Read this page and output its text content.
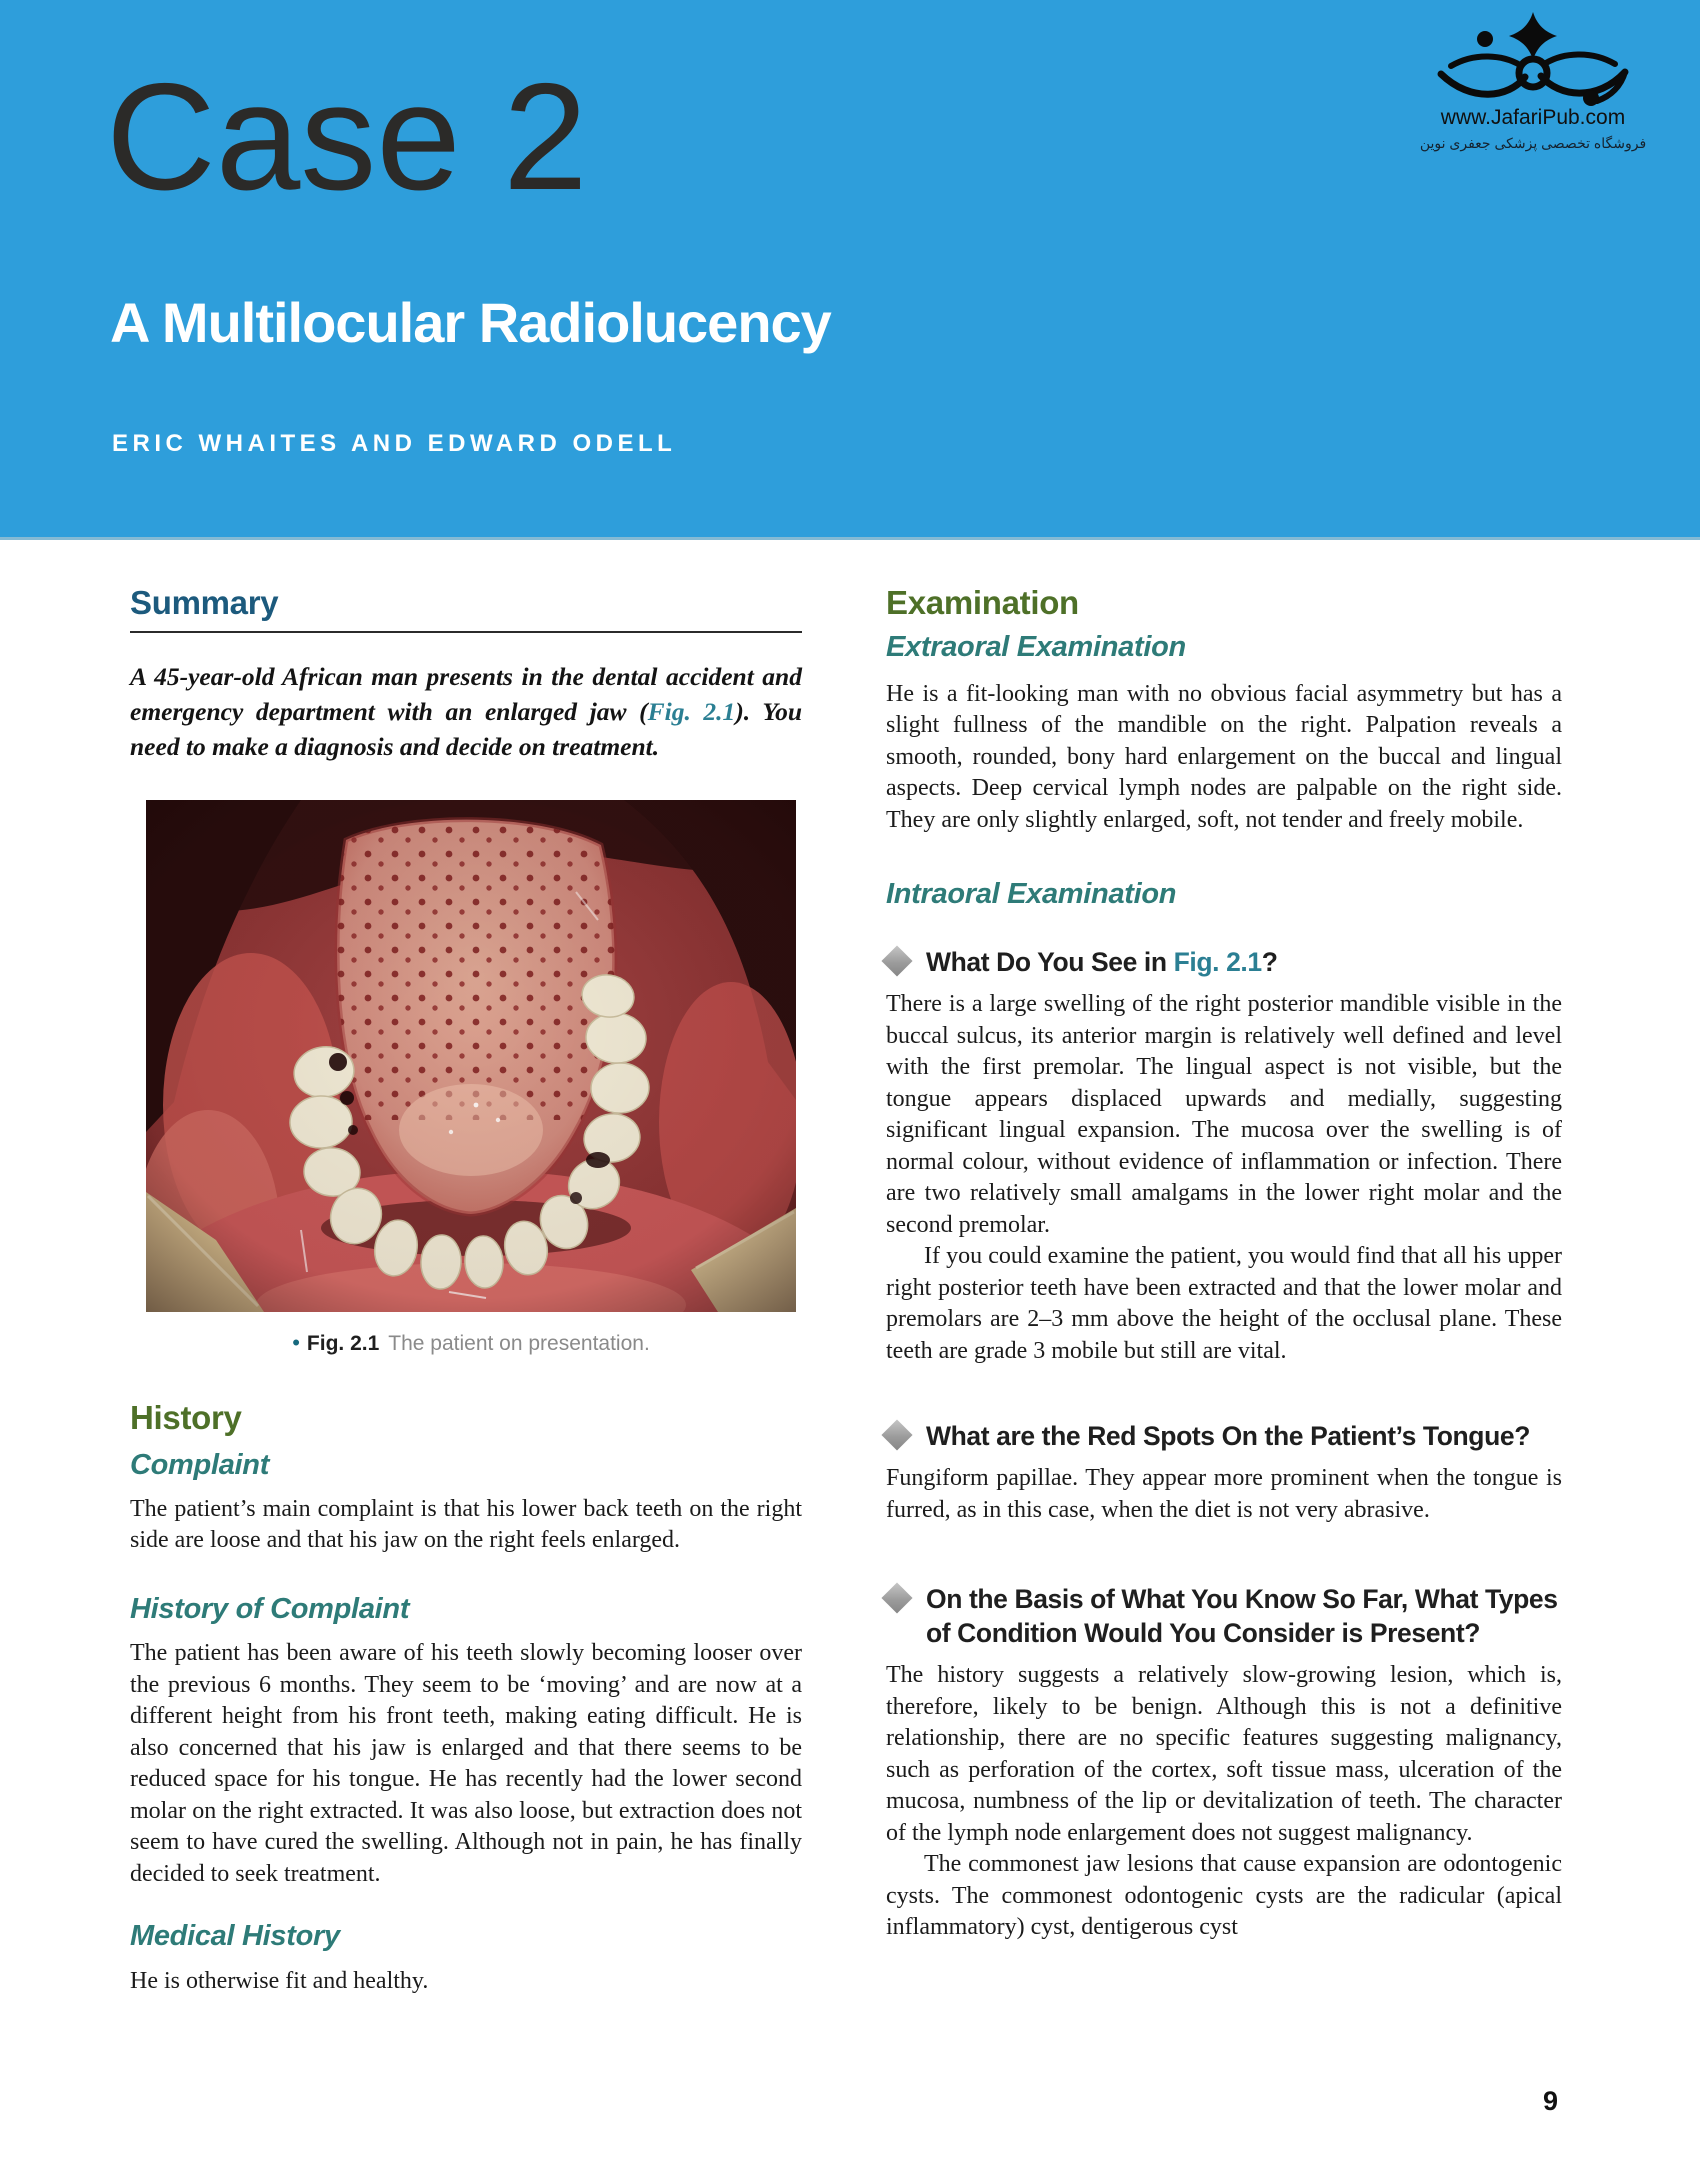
Case 2
A Multilocular Radiolucency
ERIC WHAITES AND EDWARD ODELL
www.JafariPub.com
فروشگاه تخصصی پزشکی جعفری نوین
Summary

A 45-year-old African man presents in the dental accident and emergency department with an enlarged jaw (Fig. 2.1). You need to make a diagnosis and decide on treatment.

• Fig. 2.1 The patient on presentation.
History
Complaint

The patient’s main complaint is that his lower back teeth on the right side are loose and that his jaw on the right feels enlarged.

History of Complaint

The patient has been aware of his teeth slowly becoming looser over the previous 6 months. They seem to be ‘moving’ and are now at a different height from his front teeth, making eating difficult. He is also concerned that his jaw is enlarged and that there seems to be reduced space for his tongue. He has recently had the lower second molar on the right extracted. It was also loose, but extraction does not seem to have cured the swelling. Although not in pain, he has finally decided to seek treatment.

Medical History

He is otherwise fit and healthy.

Examination
Extraoral Examination

He is a fit-looking man with no obvious facial asymmetry but has a slight fullness of the mandible on the right. Palpation reveals a smooth, rounded, bony hard enlargement on the buccal and lingual aspects. Deep cervical lymph nodes are palpable on the right side. They are only slightly enlarged, soft, not tender and freely mobile.

Intraoral Examination
What Do You See in Fig. 2.1?

There is a large swelling of the right posterior mandible visible in the buccal sulcus, its anterior margin is relatively well defined and level with the first premolar. The lingual aspect is not visible, but the tongue appears displaced upwards and medially, suggesting significant lingual expansion. The mucosa over the swelling is of normal colour, without evidence of inflammation or infection. There are two relatively small amalgams in the lower right molar and the second premolar.

If you could examine the patient, you would find that all his upper right posterior teeth have been extracted and that the lower molar and premolars are 2–3 mm above the height of the occlusal plane. These teeth are grade 3 mobile but still are vital.

What are the Red Spots On the Patient’s Tongue?

Fungiform papillae. They appear more prominent when the tongue is furred, as in this case, when the diet is not very abrasive.

On the Basis of What You Know So Far, What Types of Condition Would You Consider is Present?

The history suggests a relatively slow-growing lesion, which is, therefore, likely to be benign. Although this is not a definitive relationship, there are no specific features suggesting malignancy, such as perforation of the cortex, soft tissue mass, ulceration of the mucosa, numbness of the lip or devitalization of teeth. The character of the lymph node enlargement does not suggest malignancy.

The commonest jaw lesions that cause expansion are odontogenic cysts. The commonest odontogenic cysts are the radicular (apical inflammatory) cyst, dentigerous cyst

9
